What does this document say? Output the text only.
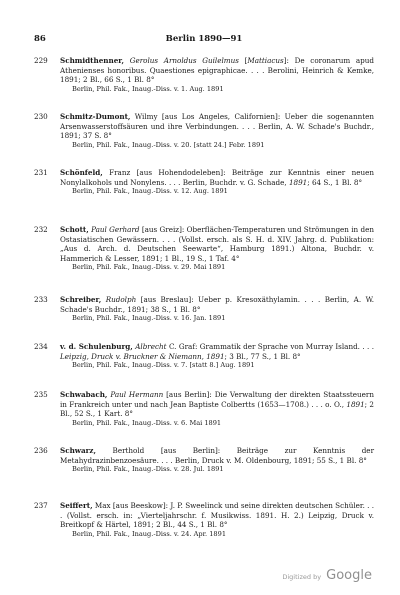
86	Berlin 1890—91
229 Schmidthenner, Gerolus Arnoldus Guilelmus [Mattiacus]: De coronarum apud Athenienses honoribus. Quaestiones epigraphicae. . . . Berolini, Heinrich & Kemke, 1891; 2 Bl., 66 S., 1 Bl. 8°
Berlin, Phil. Fak., Inaug.-Diss. v. 1. Aug. 1891
230 Schmitz-Dumont, Wilmy [aus Los Angeles, Californien]: Ueber die sogenannten Arsenwasserstoffsäuren und ihre Verbindungen. . . . Berlin, A. W. Schade's Buchdr., 1891; 37 S. 8°
Berlin, Phil. Fak., Inaug.-Diss. v. 20. [statt 24.] Febr. 1891
231 Schönfeld, Franz [aus Hohendodeleben]: Beiträge zur Kenntnis einer neuen Nonylalkohols und Nonylens. . . . Berlin, Buchdr. v. G. Schade, 1891; 64 S., 1 Bl. 8°
Berlin, Phil. Fak., Inaug.-Diss. v. 12. Aug. 1891
232 Schott, Paul Gerhard [aus Greiz]: Oberflächen-Temperaturen und Strömungen in den Ostasiatischen Gewässern. . . . (Vollst. ersch. als S. H. d. XIV. Jahrg. d. Publikation: „Aus d. Arch. d. Deutschen Seewarte“, Hamburg 1891.) Altona, Buchdr. v. Hammerich & Lesser, 1891; 1 Bl., 19 S., 1 Taf. 4°
Berlin, Phil. Fak., Inaug.-Diss. v. 29. Mai 1891
233 Schreiber, Rudolph [aus Breslau]: Ueber p. Kresoxäthylamin. . . . Berlin, A. W. Schade's Buchdr., 1891; 38 S., 1 Bl. 8°
Berlin, Phil. Fak., Inaug.-Diss. v. 16. Jan. 1891
234 v. d. Schulenburg, Albrecht C. Graf: Grammatik der Sprache von Murray Island. . . . Leipzig, Druck v. Bruckner & Niemann, 1891; 3 Bl., 77 S., 1 Bl. 8°
Berlin, Phil. Fak., Inaug.-Diss. v. 7. [statt 8.] Aug. 1891
235 Schwabach, Paul Hermann [aus Berlin]: Die Verwaltung der direkten Staatssteuern in Frankreich unter und nach Jean Baptiste Colbertts (1653—1708.) . . . o. O., 1891; 2 Bl., 52 S., 1 Kart. 8°
Berlin, Phil. Fak., Inaug.-Diss. v. 6. Mai 1891
236 Schwarz, Berthold [aus Berlin]: Beiträge zur Kenntnis der Metahydrazinbenzoesäure. . . . Berlin, Druck v. M. Oldenbourg, 1891; 55 S., 1 Bl. 8°
Berlin, Phil. Fak., Inaug.-Diss. v. 28. Jul. 1891
237 Seiffert, Max [aus Beeskow]: J. P. Sweelinck und seine direkten deutschen Schüler. . . . (Vollst. ersch. in: „Vierteljahrschr. f. Musikwiss. 1891. H. 2.) Leipzig, Druck v. Breitkopf & Härtel, 1891; 2 Bl., 44 S., 1 Bl. 8°
Berlin, Phil. Fak., Inaug.-Diss. v. 24. Apr. 1891
Digitized by Google
